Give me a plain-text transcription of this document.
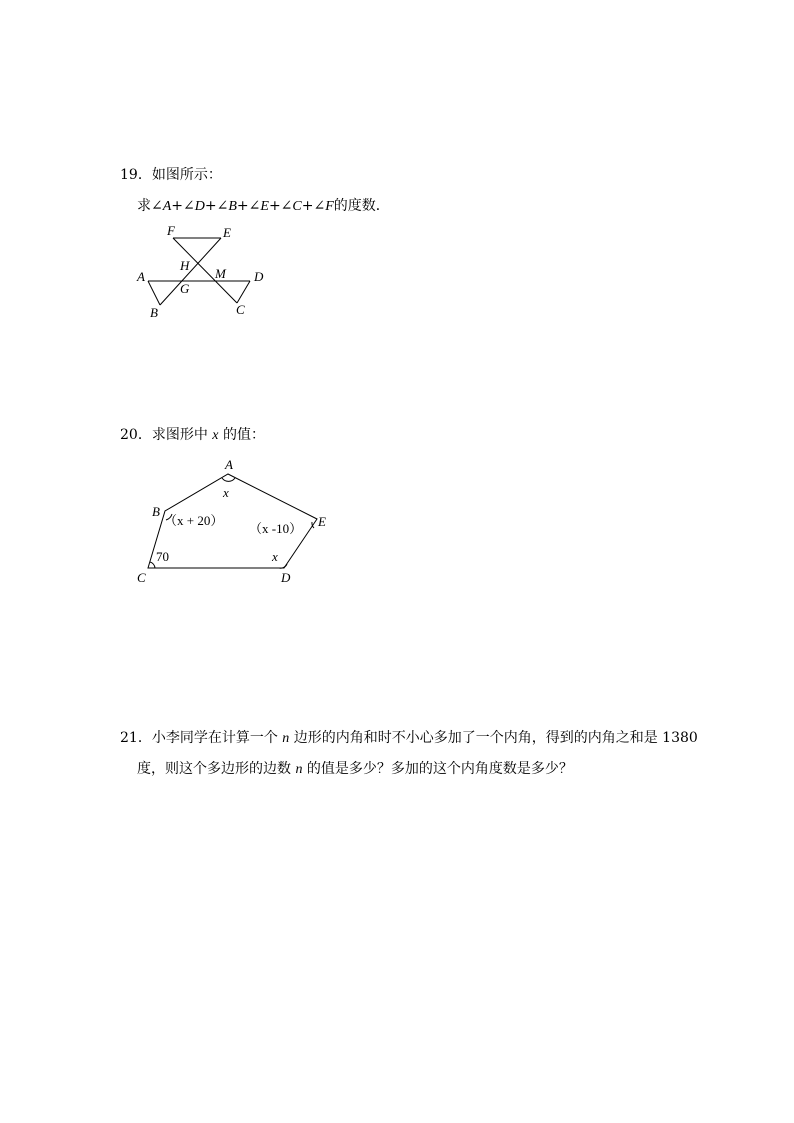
19．如图所示：
求∠A+∠D+∠B+∠E+∠C+∠F的度数．
F	E
H
M
A
G
D
B	C
20．求图形中 x 的值：
A
B
C	D
E
x
（x + 20）
（x -10）
x
70
21．小李同学在计算一个 n 边形的内角和时不小心多加了一个内角，得到的内角之和是 1380
度，则这个多边形的边数 n 的值是多少？多加的这个内角度数是多少？
